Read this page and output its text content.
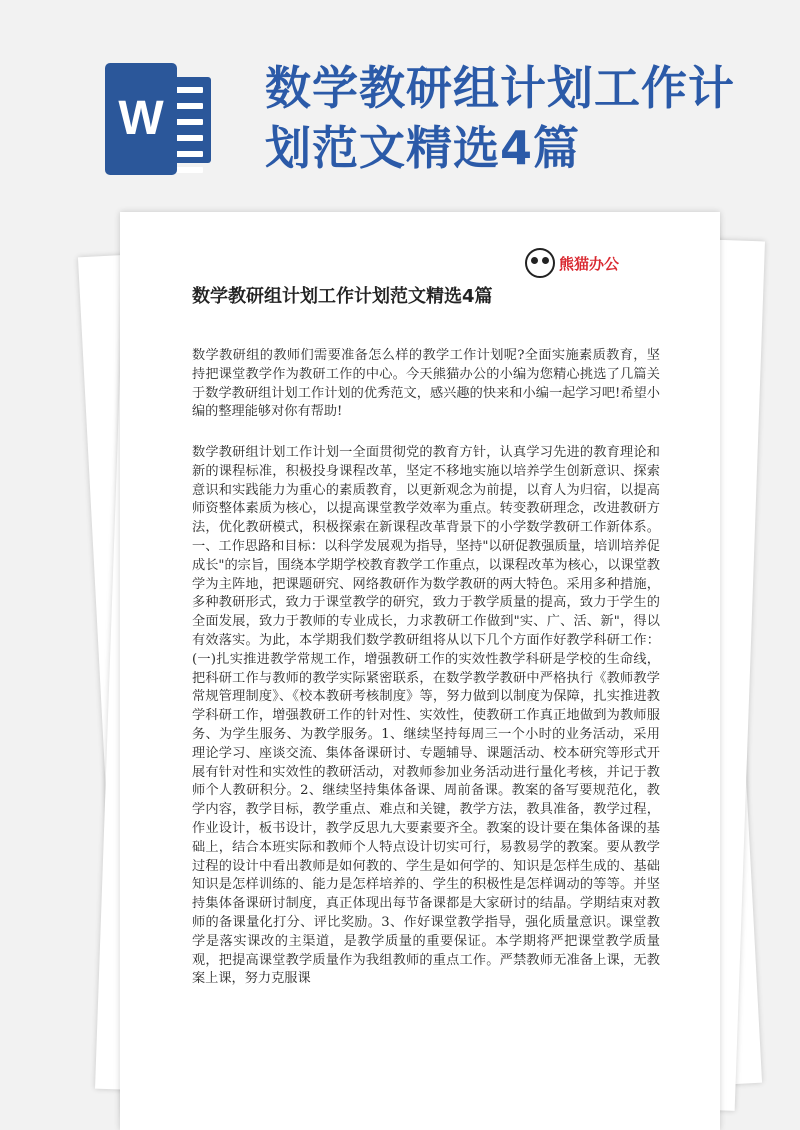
W
数学教研组计划工作计划范文精选4篇
熊猫办公
数学教研组计划工作计划范文精选4篇
数学教研组的教师们需要准备怎么样的教学工作计划呢?全面实施素质教育，坚持把课堂教学作为教研工作的中心。今天熊猫办公的小编为您精心挑选了几篇关于数学教研组计划工作计划的优秀范文，感兴趣的快来和小编一起学习吧!希望小编的整理能够对你有帮助!
数学教研组计划工作计划一全面贯彻党的教育方针，认真学习先进的教育理论和新的课程标准，积极投身课程改革，坚定不移地实施以培养学生创新意识、探索意识和实践能力为重心的素质教育，以更新观念为前提，以育人为归宿，以提高师资整体素质为核心，以提高课堂教学效率为重点。转变教研理念，改进教研方法，优化教研模式，积极探索在新课程改革背景下的小学数学教研工作新体系。一、工作思路和目标：以科学发展观为指导，坚持"以研促教强质量，培训培养促成长"的宗旨，围绕本学期学校教育教学工作重点，以课程改革为核心，以课堂教学为主阵地，把课题研究、网络教研作为数学教研的两大特色。采用多种措施，多种教研形式，致力于课堂教学的研究，致力于教学质量的提高，致力于学生的全面发展，致力于教师的专业成长，力求教研工作做到"实、广、活、新"，得以有效落实。为此，本学期我们数学教研组将从以下几个方面作好教学科研工作：(一)扎实推进教学常规工作，增强教研工作的实效性教学科研是学校的生命线，把科研工作与教师的教学实际紧密联系，在数学教学教研中严格执行《教师教学常规管理制度》、《校本教研考核制度》等，努力做到以制度为保障，扎实推进教学科研工作，增强教研工作的针对性、实效性，使教研工作真正地做到为教师服务、为学生服务、为教学服务。1、继续坚持每周三一个小时的业务活动，采用理论学习、座谈交流、集体备课研讨、专题辅导、课题活动、校本研究等形式开展有针对性和实效性的教研活动，对教师参加业务活动进行量化考核，并记于教师个人教研积分。2、继续坚持集体备课、周前备课。教案的备写要规范化，教学内容，教学目标，教学重点、难点和关键，教学方法，教具准备，教学过程，作业设计，板书设计，教学反思九大要素要齐全。教案的设计要在集体备课的基础上，结合本班实际和教师个人特点设计切实可行，易教易学的教案。要从教学过程的设计中看出教师是如何教的、学生是如何学的、知识是怎样生成的、基础知识是怎样训练的、能力是怎样培养的、学生的积极性是怎样调动的等等。并坚持集体备课研讨制度，真正体现出每节备课都是大家研讨的结晶。学期结束对教师的备课量化打分、评比奖励。3、作好课堂教学指导，强化质量意识。课堂教学是落实课改的主渠道，是教学质量的重要保证。本学期将严把课堂教学质量观，把提高课堂教学质量作为我组教师的重点工作。严禁教师无准备上课，无教案上课，努力克服课
